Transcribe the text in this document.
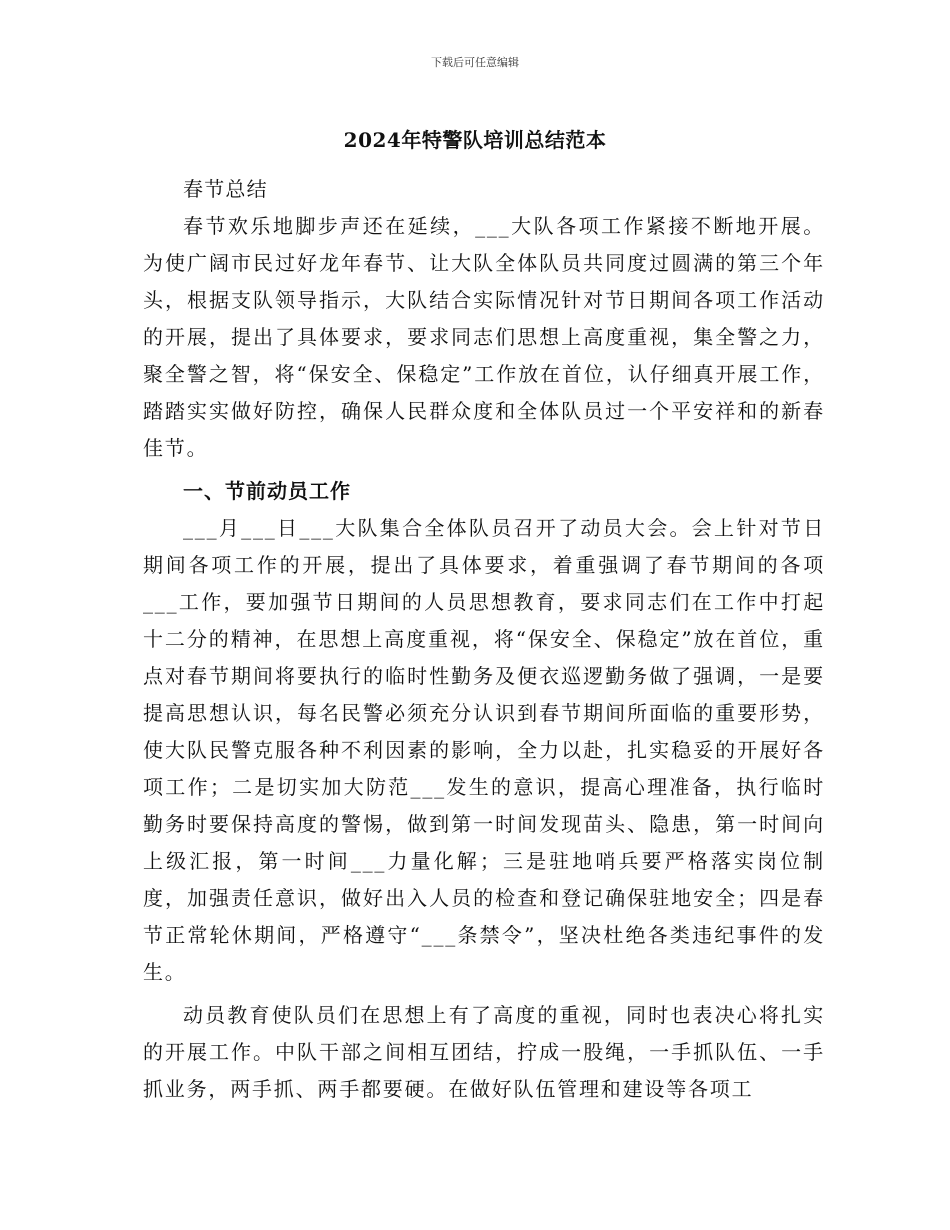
下载后可任意编辑
2024年特警队培训总结范本

春节总结

春节欢乐地脚步声还在延续，___大队各项工作紧接不断地开展。为使广阔市民过好龙年春节、让大队全体队员共同度过圆满的第三个年头，根据支队领导指示，大队结合实际情况针对节日期间各项工作活动的开展，提出了具体要求，要求同志们思想上高度重视，集全警之力，聚全警之智，将“保安全、保稳定”工作放在首位，认仔细真开展工作，踏踏实实做好防控，确保人民群众度和全体队员过一个平安祥和的新春佳节。

一、节前动员工作

___月___日___大队集合全体队员召开了动员大会。会上针对节日期间各项工作的开展，提出了具体要求，着重强调了春节期间的各项___工作，要加强节日期间的人员思想教育，要求同志们在工作中打起十二分的精神，在思想上高度重视，将“保安全、保稳定”放在首位，重点对春节期间将要执行的临时性勤务及便衣巡逻勤务做了强调，一是要提高思想认识，每名民警必须充分认识到春节期间所面临的重要形势，使大队民警克服各种不利因素的影响，全力以赴，扎实稳妥的开展好各项工作；二是切实加大防范___发生的意识，提高心理准备，执行临时勤务时要保持高度的警惕，做到第一时间发现苗头、隐患，第一时间向上级汇报，第一时间___力量化解；三是驻地哨兵要严格落实岗位制度，加强责任意识，做好出入人员的检查和登记确保驻地安全；四是春节正常轮休期间，严格遵守“___条禁令”，坚决杜绝各类违纪事件的发生。

动员教育使队员们在思想上有了高度的重视，同时也表决心将扎实的开展工作。中队干部之间相互团结，拧成一股绳，一手抓队伍、一手抓业务，两手抓、两手都要硬。在做好队伍管理和建设等各项工
